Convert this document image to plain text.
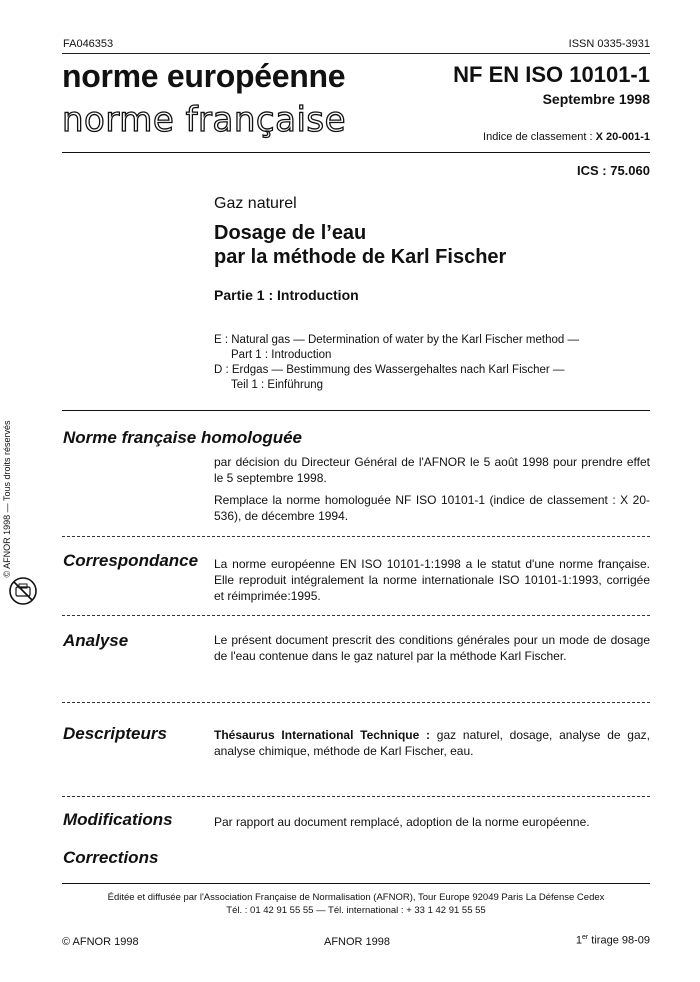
FA046353	ISSN 0335-3931
norme européenne
norme française
NF EN ISO 10101-1
Septembre 1998
Indice de classement : X 20-001-1
ICS : 75.060
Gaz naturel
Dosage de l’eau
par la méthode de Karl Fischer
Partie 1 : Introduction
E : Natural gas — Determination of water by the Karl Fischer method —
Part 1 : Introduction
D : Erdgas — Bestimmung des Wassergehaltes nach Karl Fischer —
Teil 1 : Einführung
Norme française homologuée

par décision du Directeur Général de l'AFNOR le 5 août 1998 pour prendre effet le 5 septembre 1998.

Remplace la norme homologuée NF ISO 10101-1 (indice de classement : X 20-536), de décembre 1994.

Correspondance La norme européenne EN ISO 10101-1:1998 a le statut d'une norme française. Elle reproduit intégralement la norme internationale ISO 10101-1:1993, corrigée et réimprimée:1995.
Analyse	Le présent document prescrit des conditions générales pour un mode de dosage de l'eau contenue dans le gaz naturel par la méthode Karl Fischer.
Descripteurs	Thésaurus International Technique : gaz naturel, dosage, analyse de gaz, analyse chimique, méthode de Karl Fischer, eau.
Modifications	Par rapport au document remplacé, adoption de la norme européenne.
Corrections
Éditée et diffusée par l'Association Française de Normalisation (AFNOR), Tour Europe 92049 Paris La Défense Cedex
Tél. : 01 42 91 55 55 — Tél. international : + 33 1 42 91 55 55
© AFNOR 1998	AFNOR 1998	1er tirage 98-09
© AFNOR 1998 — Tous droits réservés
